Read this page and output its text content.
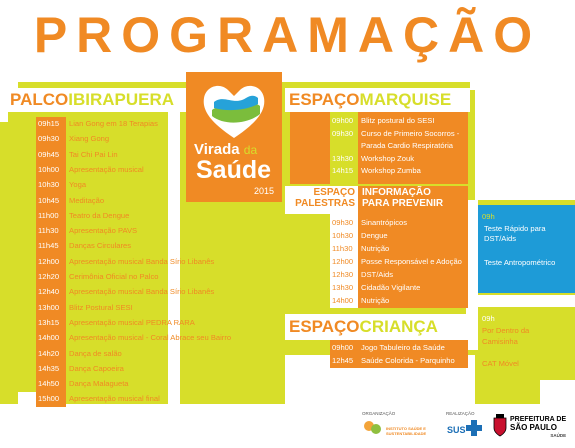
PROGRAMAÇÃO
PALCOIBIRAPUERA
Virada da
Saúde
2015
ESPAÇOMARQUISE
ESPAÇO
PALESTRAS
INFORMAÇÃO
PARA PREVENIR
ESPAÇOCRIANÇA
09h
Teste Rápido para
DST/Aids
Teste Antropométrico
09h
Por Dentro da
Camisinha
CAT Móvel
ORGANIZAÇÃO
INSTITUTO SAÚDE E SUSTENTABILIDADE
REALIZAÇÃO
SUS
PREFEITURA DE
SÃO PAULO
SAÚDE
09h15 Lian Gong em 18 Terapias
09h30 Xiang Gong
09h45 Tai Chi Pai Lin
10h00 Apresentação musical
10h30 Yoga
10h45 Meditação
11h00 Teatro da Dengue
11h30 Apresentação PAVS
11h45 Danças Circulares
12h00 Apresentação musical Banda Sírio Libanês
12h20 Cerimônia Oficial no Palco
12h40 Apresentação musical Banda Sírio Libanês
13h00 Blitz Postural SESI
13h15 Apresentação musical PEDRA RARA
14h00 Apresentação musical - Coral Abrace seu Bairro
14h20 Dança de salão
14h35 Dança Capoeira
14h50 Dança Malagueta
15h00 Apresentação musical final
09h00 Blitz postural do SESI
09h30 Curso de Primeiro Socorros -
Parada Cardio Respiratória
13h30 Workshop Zouk
14h15 Workshop Zumba
09h30 Sinantrópicos
10h30 Dengue
11h30 Nutrição
12h00 Posse Responsável e Adoção
12h30 DST/Aids
13h30 Cidadão Vigilante
14h00 Nutrição
09h00 Jogo Tabuleiro da Saúde
12h45 Saúde Colorida - Parquinho
